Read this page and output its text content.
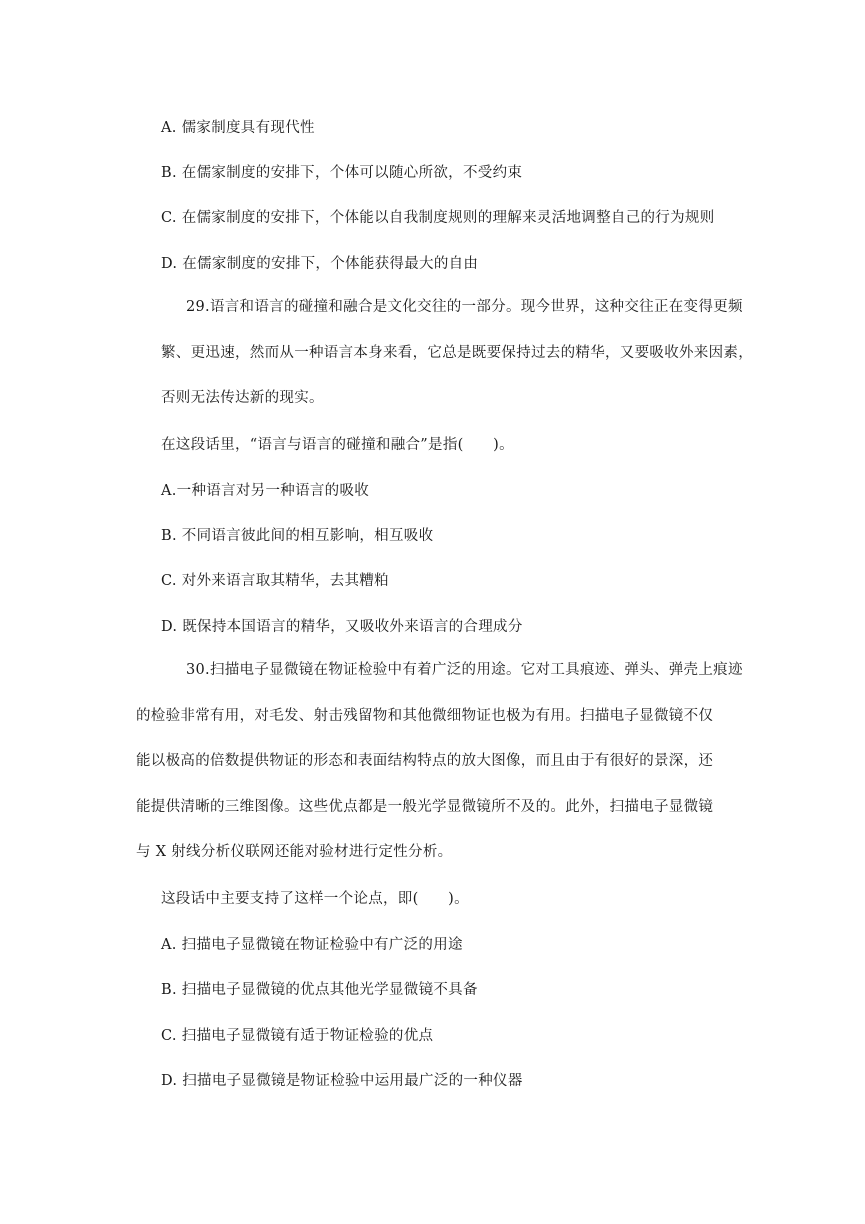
A. 儒家制度具有现代性
B. 在儒家制度的安排下，个体可以随心所欲，不受约束
C. 在儒家制度的安排下，个体能以自我制度规则的理解来灵活地调整自己的行为规则
D. 在儒家制度的安排下，个体能获得最大的自由
29.语言和语言的碰撞和融合是文化交往的一部分。现今世界，这种交往正在变得更频
繁、更迅速，然而从一种语言本身来看，它总是既要保持过去的精华，又要吸收外来因素，
否则无法传达新的现实。
在这段话里，“语言与语言的碰撞和融合”是指(　　)。
A.一种语言对另一种语言的吸收
B. 不同语言彼此间的相互影响，相互吸收
C. 对外来语言取其精华，去其糟粕
D. 既保持本国语言的精华，又吸收外来语言的合理成分
30.扫描电子显微镜在物证检验中有着广泛的用途。它对工具痕迹、弹头、弹壳上痕迹
的检验非常有用，对毛发、射击残留物和其他微细物证也极为有用。扫描电子显微镜不仅
能以极高的倍数提供物证的形态和表面结构特点的放大图像，而且由于有很好的景深，还
能提供清晰的三维图像。这些优点都是一般光学显微镜所不及的。此外，扫描电子显微镜
与 X 射线分析仪联网还能对验材进行定性分析。
这段话中主要支持了这样一个论点，即(　　)。
A. 扫描电子显微镜在物证检验中有广泛的用途
B. 扫描电子显微镜的优点其他光学显微镜不具备
C. 扫描电子显微镜有适于物证检验的优点
D. 扫描电子显微镜是物证检验中运用最广泛的一种仪器
